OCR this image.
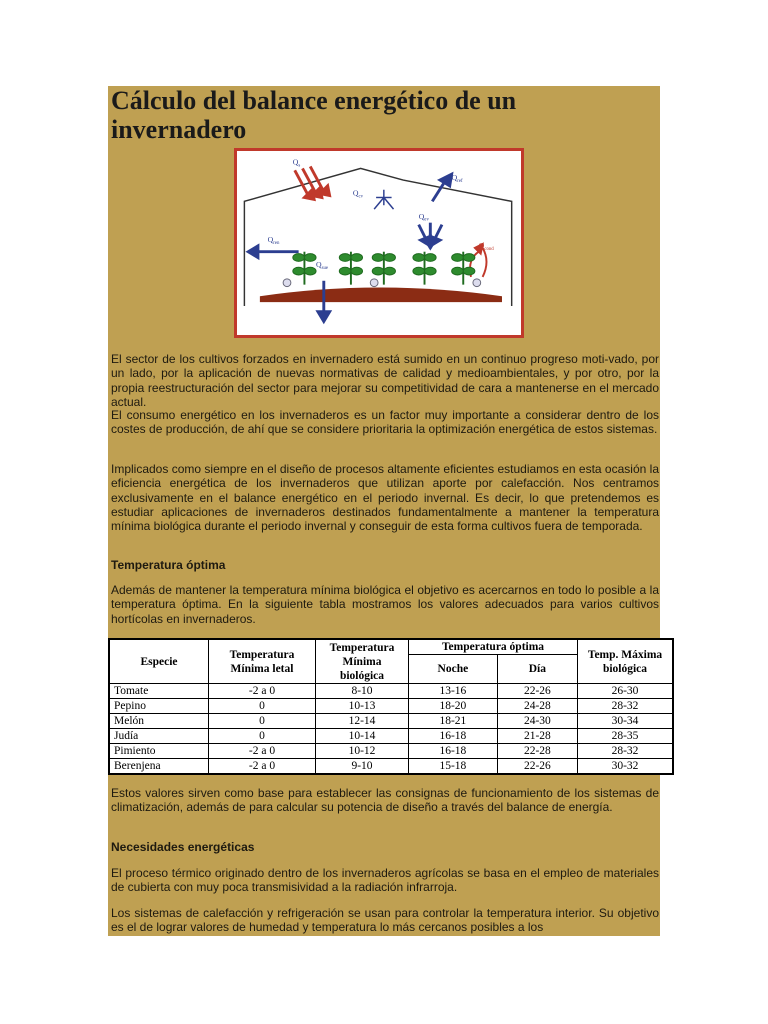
Cálculo del balance energético de un invernadero
$Q_s$
$Q_{ref}$
$Q_{cv}$
$Q_{ev}$
$Q_{sue}$
$Q_{ren}$	$Q_{cond}$

El sector de los cultivos forzados en invernadero está sumido en un continuo progreso moti-vado, por un lado, por la aplicación de nuevas normativas de calidad y medioambientales, y por otro, por la propia reestructuración del sector para mejorar su competitividad de cara a mantenerse en el mercado actual.

El consumo energético en los invernaderos es un factor muy importante a considerar dentro de los costes de producción, de ahí que se considere prioritaria la optimización energética de estos sistemas.

Implicados como siempre en el diseño de procesos altamente eficientes estudiamos en esta ocasión la eficiencia energética de los invernaderos que utilizan aporte por calefacción. Nos centramos exclusivamente en el balance energético en el periodo invernal. Es decir, lo que pretendemos es estudiar aplicaciones de invernaderos destinados fundamentalmente a mantener la temperatura mínima biológica durante el periodo invernal y conseguir de esta forma cultivos fuera de temporada.

Temperatura óptima

Además de mantener la temperatura mínima biológica el objetivo es acercarnos en todo lo posible a la temperatura óptima. En la siguiente tabla mostramos los valores adecuados para varios cultivos hortícolas en invernaderos.

Especie	Temperatura Mínima letal	Temperatura Mínima biológica	Temperatura óptima		Temp. Máxima biológica
			Noche	Día	
Tomate	-2 a 0	8-10	13-16	22-26	26-30
Pepino	0	10-13	18-20	24-28	28-32
Melón	0	12-14	18-21	24-30	30-34
Judía	0	10-14	16-18	21-28	28-35
Pimiento	-2 a 0	10-12	16-18	22-28	28-32
Berenjena	-2 a 0	9-10	15-18	22-26	30-32

Estos valores sirven como base para establecer las consignas de funcionamiento de los sistemas de climatización, además de para calcular su potencia de diseño a través del balance de energía.

Necesidades energéticas

El proceso térmico originado dentro de los invernaderos agrícolas se basa en el empleo de materiales de cubierta con muy poca transmisividad a la radiación infrarroja.

Los sistemas de calefacción y refrigeración se usan para controlar la temperatura interior. Su objetivo es el de lograr valores de humedad y temperatura lo más cercanos posibles a los
